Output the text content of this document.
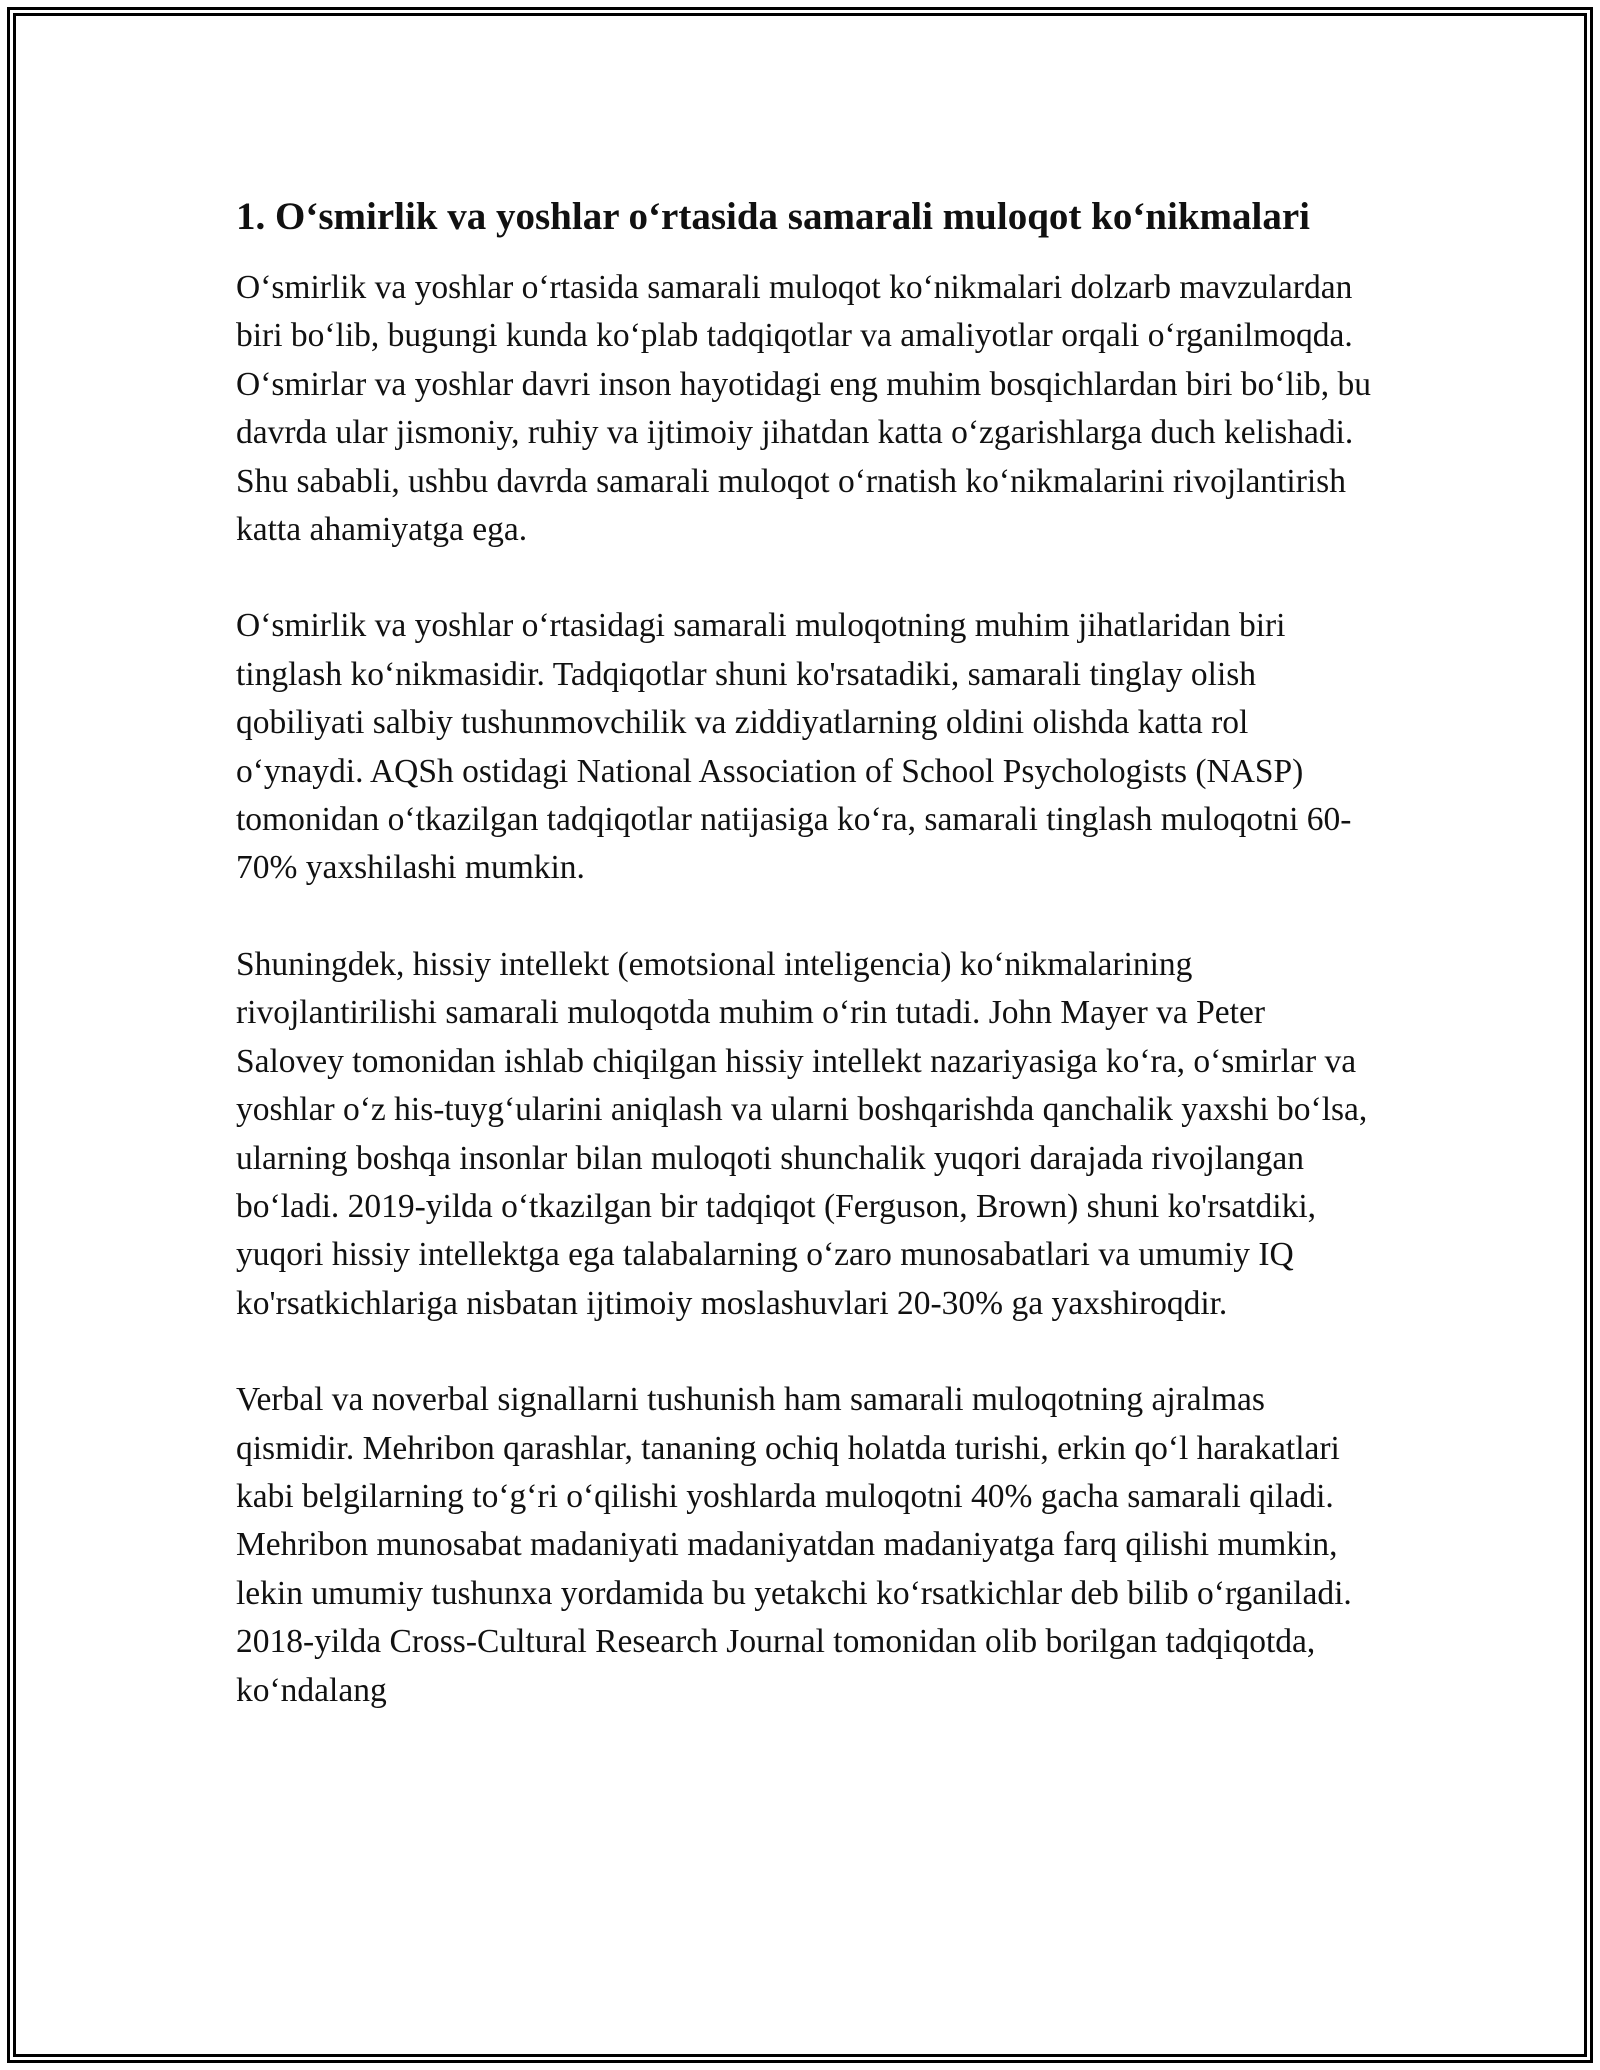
1. O‘smirlik va yoshlar o‘rtasida samarali muloqot ko‘nikmalari

O‘smirlik va yoshlar o‘rtasida samarali muloqot ko‘nikmalari dolzarb mavzulardan biri bo‘lib, bugungi kunda ko‘plab tadqiqotlar va amaliyotlar orqali o‘rganilmoqda. O‘smirlar va yoshlar davri inson hayotidagi eng muhim bosqichlardan biri bo‘lib, bu davrda ular jismoniy, ruhiy va ijtimoiy jihatdan katta o‘zgarishlarga duch kelishadi. Shu sababli, ushbu davrda samarali muloqot o‘rnatish ko‘nikmalarini rivojlantirish katta ahamiyatga ega.

O‘smirlik va yoshlar o‘rtasidagi samarali muloqotning muhim jihatlaridan biri tinglash ko‘nikmasidir. Tadqiqotlar shuni ko'rsatadiki, samarali tinglay olish qobiliyati salbiy tushunmovchilik va ziddiyatlarning oldini olishda katta rol o‘ynaydi. AQSh ostidagi National Association of School Psychologists (NASP) tomonidan o‘tkazilgan tadqiqotlar natijasiga ko‘ra, samarali tinglash muloqotni 60-70% yaxshilashi mumkin.

Shuningdek, hissiy intellekt (emotsional inteligencia) ko‘nikmalarining rivojlantirilishi samarali muloqotda muhim o‘rin tutadi. John Mayer va Peter Salovey tomonidan ishlab chiqilgan hissiy intellekt nazariyasiga ko‘ra, o‘smirlar va yoshlar o‘z his-tuyg‘ularini aniqlash va ularni boshqarishda qanchalik yaxshi bo‘lsa, ularning boshqa insonlar bilan muloqoti shunchalik yuqori darajada rivojlangan bo‘ladi. 2019-yilda o‘tkazilgan bir tadqiqot (Ferguson, Brown) shuni ko'rsatdiki, yuqori hissiy intellektga ega talabalarning o‘zaro munosabatlari va umumiy IQ ko'rsatkichlariga nisbatan ijtimoiy moslashuvlari 20-30% ga yaxshiroqdir.

Verbal va noverbal signallarni tushunish ham samarali muloqotning ajralmas qismidir. Mehribon qarashlar, tananing ochiq holatda turishi, erkin qo‘l harakatlari kabi belgilarning to‘g‘ri o‘qilishi yoshlarda muloqotni 40% gacha samarali qiladi. Mehribon munosabat madaniyati madaniyatdan madaniyatga farq qilishi mumkin, lekin umumiy tushunxa yordamida bu yetakchi ko‘rsatkichlar deb bilib o‘rganiladi. 2018-yilda Cross-Cultural Research Journal tomonidan olib borilgan tadqiqotda, ko‘ndalang
